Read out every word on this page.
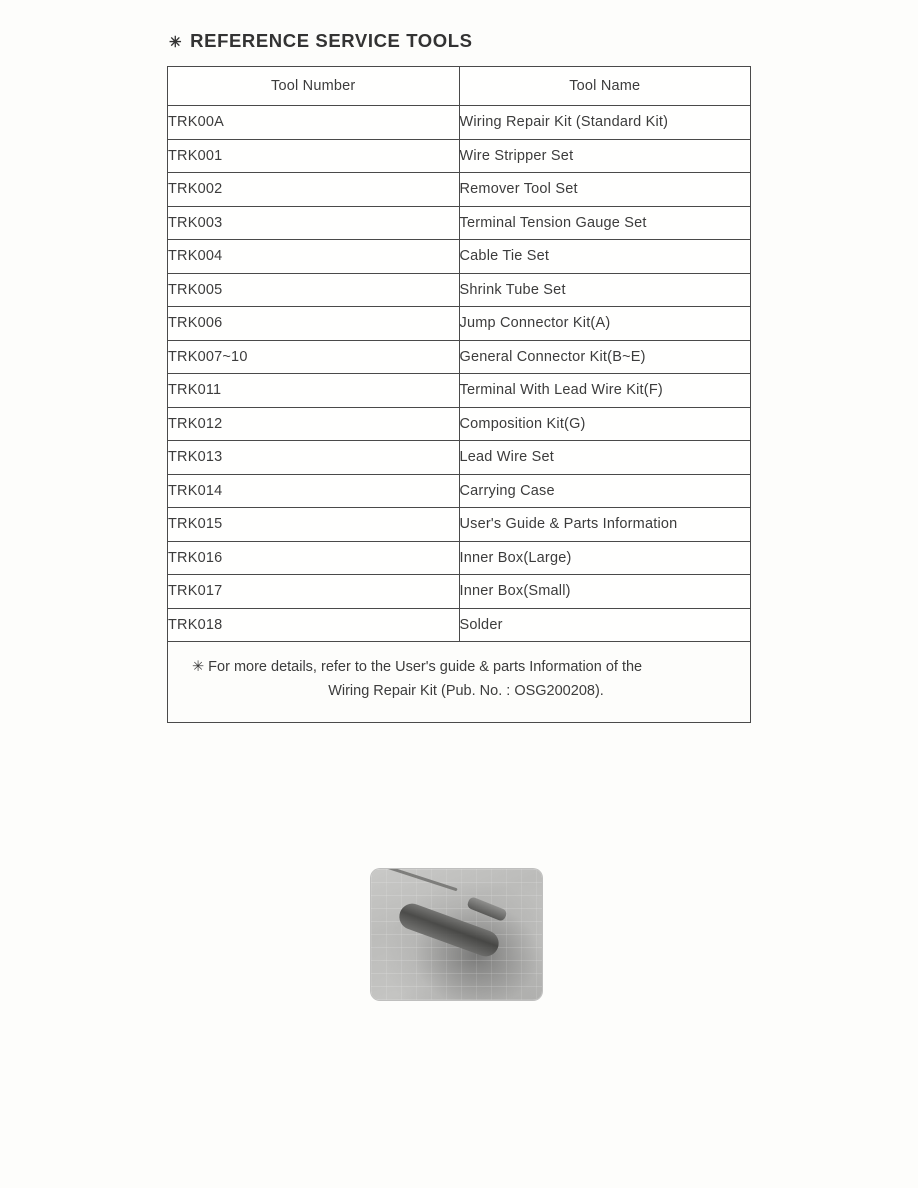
✳ REFERENCE SERVICE TOOLS
Tool Number	Tool Name
TRK00A	Wiring Repair Kit (Standard Kit)
TRK001	Wire Stripper Set
TRK002	Remover Tool Set
TRK003	Terminal Tension Gauge Set
TRK004	Cable Tie Set
TRK005	Shrink Tube Set
TRK006	Jump Connector Kit(A)
TRK007~10	General Connector Kit(B~E)
TRK011	Terminal With Lead Wire Kit(F)
TRK012	Composition Kit(G)
TRK013	Lead Wire Set
TRK014	Carrying Case
TRK015	User's Guide & Parts Information
TRK016	Inner Box(Large)
TRK017	Inner Box(Small)
TRK018	Solder
✳ For more details, refer to the User's guide & parts Information of the
Wiring Repair Kit (Pub. No. : OSG200208).
